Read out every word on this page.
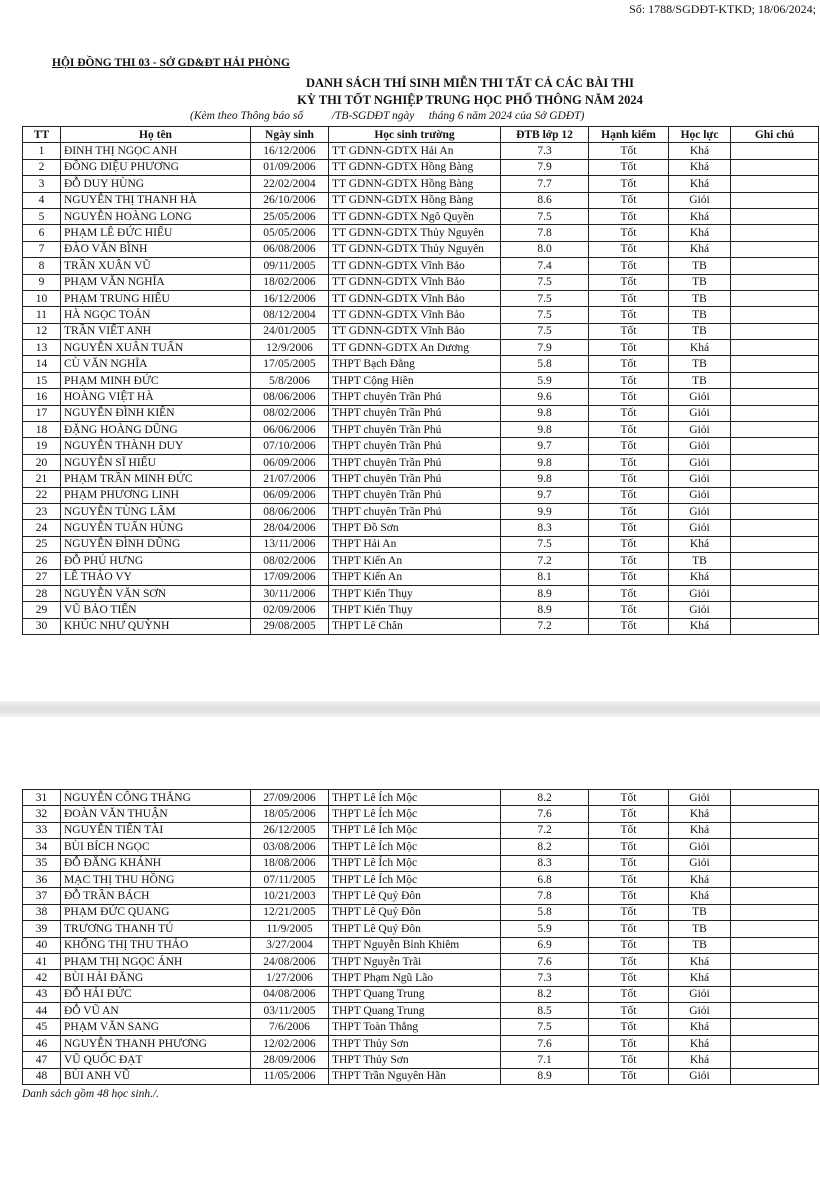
Số: 1788/SGDĐT-KTKD; 18/06/2024;
HỘI ĐỒNG THI 03 - SỞ GD&ĐT HẢI PHÒNG
DANH SÁCH THÍ SINH MIỄN THI TẤT CẢ CÁC BÀI THI
KỲ THI TỐT NGHIỆP TRUNG HỌC PHỔ THÔNG NĂM 2024
(Kèm theo Thông báo số          /TB-SGDĐT ngày     tháng 6 năm 2024 của Sở GDĐT)
TT	Họ tên	Ngày sinh	Học sinh trường	ĐTB lớp 12	Hạnh kiểm	Học lực	Ghi chú
1	ĐINH THỊ NGỌC ANH	16/12/2006	TT GDNN-GDTX Hải An	7.3	Tốt	Khá	
2	ĐỒNG DIỆU PHƯƠNG	01/09/2006	TT GDNN-GDTX Hồng Bàng	7.9	Tốt	Khá	
3	ĐỖ DUY HÙNG	22/02/2004	TT GDNN-GDTX Hồng Bàng	7.7	Tốt	Khá	
4	NGUYỄN THỊ THANH HÀ	26/10/2006	TT GDNN-GDTX Hồng Bàng	8.6	Tốt	Giỏi	
5	NGUYỄN HOÀNG LONG	25/05/2006	TT GDNN-GDTX Ngô Quyền	7.5	Tốt	Khá	
6	PHẠM LÊ ĐỨC HIẾU	05/05/2006	TT GDNN-GDTX Thủy Nguyên	7.8	Tốt	Khá	
7	ĐÀO VĂN BÌNH	06/08/2006	TT GDNN-GDTX Thủy Nguyên	8.0	Tốt	Khá	
8	TRẦN XUÂN VŨ	09/11/2005	TT GDNN-GDTX Vĩnh Bảo	7.4	Tốt	TB	
9	PHẠM VĂN NGHĨA	18/02/2006	TT GDNN-GDTX Vĩnh Bảo	7.5	Tốt	TB	
10	PHẠM TRUNG HIẾU	16/12/2006	TT GDNN-GDTX Vĩnh Bảo	7.5	Tốt	TB	
11	HÀ NGỌC TOẢN	08/12/2004	TT GDNN-GDTX Vĩnh Bảo	7.5	Tốt	TB	
12	TRẦN VIẾT ANH	24/01/2005	TT GDNN-GDTX Vĩnh Bảo	7.5	Tốt	TB	
13	NGUYỄN XUÂN TUẤN	12/9/2006	TT GDNN-GDTX An Dương	7.9	Tốt	Khá	
14	CÙ VĂN NGHĨA	17/05/2005	THPT Bạch Đằng	5.8	Tốt	TB	
15	PHẠM MINH ĐỨC	5/8/2006	THPT Cộng Hiền	5.9	Tốt	TB	
16	HOÀNG VIỆT HÀ	08/06/2006	THPT chuyên Trần Phú	9.6	Tốt	Giỏi	
17	NGUYỄN ĐÌNH KIÊN	08/02/2006	THPT chuyên Trần Phú	9.8	Tốt	Giỏi	
18	ĐẶNG HOÀNG DŨNG	06/06/2006	THPT chuyên Trần Phú	9.8	Tốt	Giỏi	
19	NGUYỄN THÀNH DUY	07/10/2006	THPT chuyên Trần Phú	9.7	Tốt	Giỏi	
20	NGUYỄN SĨ HIẾU	06/09/2006	THPT chuyên Trần Phú	9.8	Tốt	Giỏi	
21	PHẠM TRẦN MINH ĐỨC	21/07/2006	THPT chuyên Trần Phú	9.8	Tốt	Giỏi	
22	PHẠM PHƯƠNG LINH	06/09/2006	THPT chuyên Trần Phú	9.7	Tốt	Giỏi	
23	NGUYỄN TÙNG LÂM	08/06/2006	THPT chuyên Trần Phú	9.9	Tốt	Giỏi	
24	NGUYỄN TUẤN HÙNG	28/04/2006	THPT Đồ Sơn	8.3	Tốt	Giỏi	
25	NGUYỄN ĐÌNH DŨNG	13/11/2006	THPT Hải An	7.5	Tốt	Khá	
26	ĐỖ PHÚ HƯNG	08/02/2006	THPT Kiến An	7.2	Tốt	TB	
27	LÊ THẢO VY	17/09/2006	THPT Kiến An	8.1	Tốt	Khá	
28	NGUYỄN VĂN SƠN	30/11/2006	THPT Kiến Thụy	8.9	Tốt	Giỏi	
29	VŨ BẢO TIẾN	02/09/2006	THPT Kiến Thụy	8.9	Tốt	Giỏi	
30	KHÚC NHƯ QUỲNH	29/08/2005	THPT Lê Chân	7.2	Tốt	Khá	
31	NGUYỄN CÔNG THẮNG	27/09/2006	THPT Lê Ích Mộc	8.2	Tốt	Giỏi	
32	ĐOÀN VĂN THUẬN	18/05/2006	THPT Lê Ích Mộc	7.6	Tốt	Khá	
33	NGUYỄN TIẾN TÀI	26/12/2005	THPT Lê Ích Mộc	7.2	Tốt	Khá	
34	BÙI BÍCH NGỌC	03/08/2006	THPT Lê Ích Mộc	8.2	Tốt	Giỏi	
35	ĐỖ ĐĂNG KHÁNH	18/08/2006	THPT Lê Ích Mộc	8.3	Tốt	Giỏi	
36	MẠC THỊ THU HỒNG	07/11/2005	THPT Lê Ích Mộc	6.8	Tốt	Khá	
37	ĐỖ TRẦN BÁCH	10/21/2003	THPT Lê Quý Đôn	7.8	Tốt	Khá	
38	PHẠM ĐỨC QUANG	12/21/2005	THPT Lê Quý Đôn	5.8	Tốt	TB	
39	TRƯƠNG THANH TÚ	11/9/2005	THPT Lê Quý Đôn	5.9	Tốt	TB	
40	KHỔNG THỊ THU THẢO	3/27/2004	THPT Nguyễn Bỉnh Khiêm	6.9	Tốt	TB	
41	PHẠM THỊ NGỌC ÁNH	24/08/2006	THPT Nguyễn Trãi	7.6	Tốt	Khá	
42	BÙI HẢI ĐĂNG	1/27/2006	THPT Phạm Ngũ Lão	7.3	Tốt	Khá	
43	ĐỖ HẢI ĐỨC	04/08/2006	THPT Quang Trung	8.2	Tốt	Giỏi	
44	ĐỖ VŨ AN	03/11/2005	THPT Quang Trung	8.5	Tốt	Giỏi	
45	PHẠM VĂN SANG	7/6/2006	THPT Toàn Thắng	7.5	Tốt	Khá	
46	NGUYỄN THANH PHƯƠNG	12/02/2006	THPT Thủy Sơn	7.6	Tốt	Khá	
47	VŨ QUỐC ĐẠT	28/09/2006	THPT Thủy Sơn	7.1	Tốt	Khá	
48	BÙI ANH VŨ	11/05/2006	THPT Trần Nguyên Hãn	8.9	Tốt	Giỏi	
Danh sách gồm 48 học sinh./.
